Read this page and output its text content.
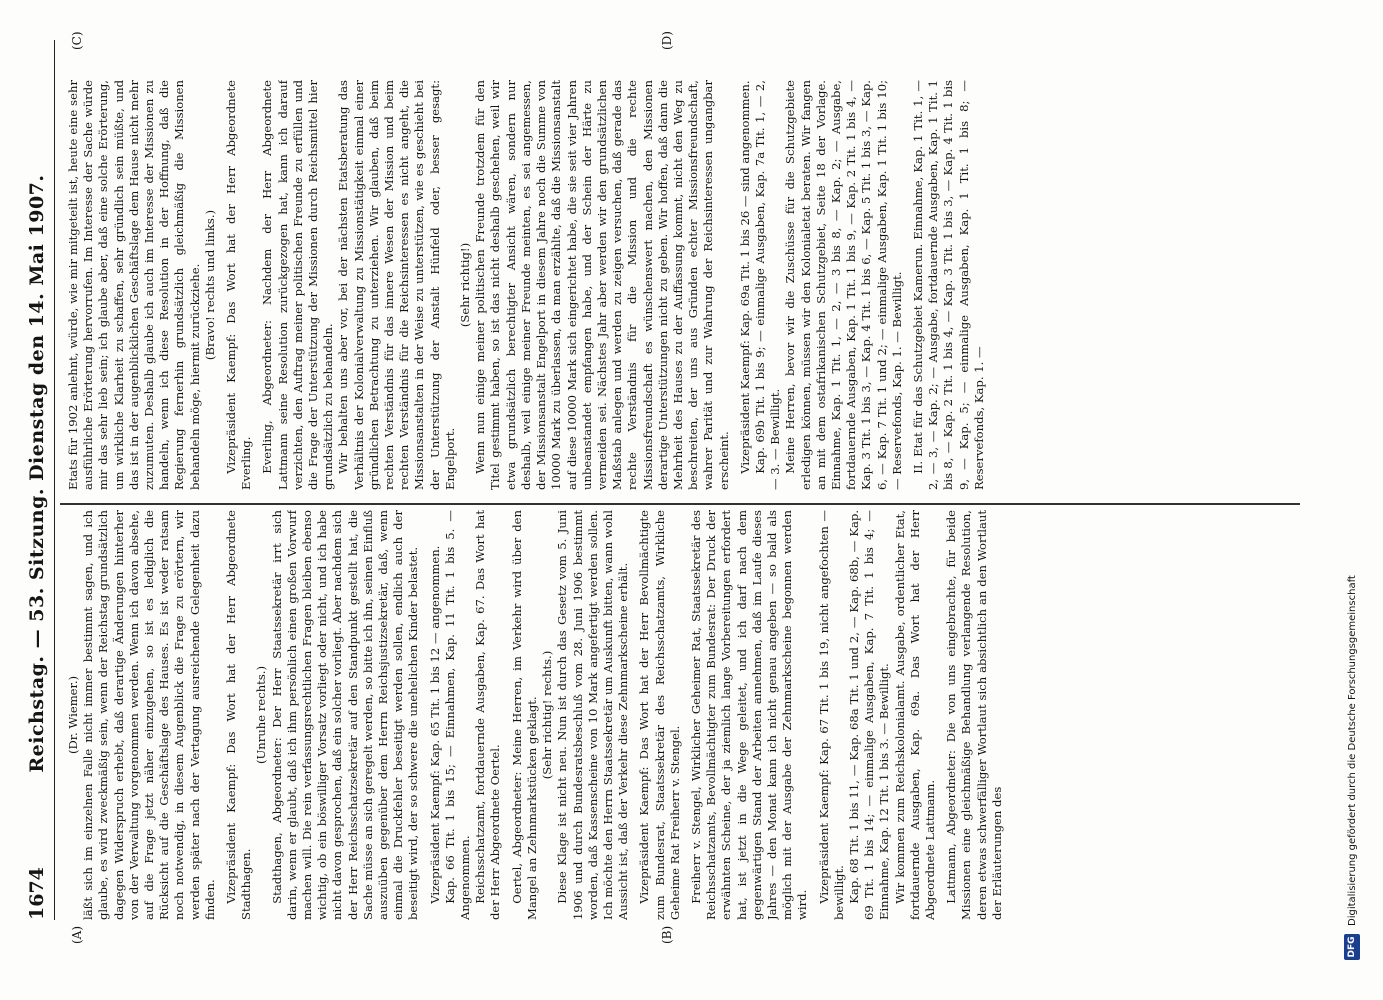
1674
Reichstag. — 53. Sitzung. Dienstag den 14. Mai 1907.
(A)	(B)
(C)	(D)

(Dr. Wiemer.) läßt sich im einzelnen Falle nicht immer bestimmt sagen, und ich glaube, es wird zweckmäßig sein, wenn der Reichstag grundsätzlich dagegen Widerspruch erhebt, daß derartige Änderungen hinterher von der Verwaltung vorgenommen werden. Wenn ich davon absehe, auf die Frage jetzt näher einzugehen, so ist es lediglich die Rücksicht auf die Geschäftslage des Hauses. Es ist weder ratsam noch notwendig, in diesem Augenblick die Frage zu erörtern, wir werden später nach der Vertagung ausreichende Gelegenheit dazu finden. Vizepräsident Kaempf: Das Wort hat der Herr Abgeordnete Stadthagen.

(Unruhe rechts.) Stadthagen, Abgeordneter: Der Herr Staatssekretär irrt sich darin, wenn er glaubt, daß ich ihm persönlich einen großen Vorwurf machen will. Die rein verfassungsrechtlichen Fragen bleiben ebenso wichtig, ob ein böswilliger Vorsatz vorliegt oder nicht, und ich habe nicht davon gesprochen, daß ein solcher vorliegt. Aber nachdem sich der Herr Reichsschatzsekretär auf den Standpunkt gestellt hat, die Sache müsse an sich geregelt werden, so bitte ich ihn, seinen Einfluß auszuüben gegenüber dem Herrn Reichsjustizsekretär, daß, wenn einmal die Druckfehler beseitigt werden sollen, endlich auch der beseitigt wird, der so schwere die unehelichen Kinder belastet. Vizepräsident Kaempf: Kap. 65 Tit. 1 bis 12 — angenommen. Kap. 66 Tit. 1 bis 15; — Einnahmen, Kap. 11 Tit. 1 bis 5. — Angenommen. Reichsschatzamt, fortdauernde Ausgaben, Kap. 67. Das Wort hat der Herr Abgeordnete Oertel. Oertel, Abgeordneter: Meine Herren, im Verkehr wird über den Mangel an Zehnmarkstücken geklagt. (Sehr richtig! rechts.) Diese Klage ist nicht neu. Nun ist durch das Gesetz vom 5. Juni 1906 und durch Bundesratsbeschluß vom 28. Juni 1906 bestimmt worden, daß Kassenscheine von 10 Mark angefertigt werden sollen. Ich möchte den Herrn Staatssekretär um Auskunft bitten, wann wohl Aussicht ist, daß der Verkehr diese Zehnmarkscheine erhält. Vizepräsident Kaempf: Das Wort hat der Herr Bevollmächtigte zum Bundesrat, Staatssekretär des Reichsschatzamts, Wirkliche Geheime Rat Freiherr v. Stengel. Freiherr v. Stengel, Wirklicher Geheimer Rat, Staatssekretär des Reichsschatzamts, Bevollmächtigter zum Bundesrat: Der Druck der erwähnten Scheine, der ja ziemlich lange Vorbereitungen erfordert hat, ist jetzt in die Wege geleitet, und ich darf nach dem gegenwärtigen Stand der Arbeiten annehmen, daß im Laufe dieses Jahres — den Monat kann ich nicht genau angeben — so bald als möglich mit der Ausgabe der Zehnmarkscheine begonnen werden wird.

Vizepräsident Kaempf: Kap. 67 Tit. 1 bis 19, nicht angefochten — bewilligt. Kap. 68 Tit. 1 bis 11, — Kap. 68a Tit. 1 und 2, — Kap. 68b, — Kap. 69 Tit. 1 bis 14; — einmalige Ausgaben, Kap. 7 Tit. 1 bis 4; — Einnahme, Kap. 12 Tit. 1 bis 3. — Bewilligt. Wir kommen zum Reichskolonialamt. Ausgabe, ordentlicher Etat, fortdauernde Ausgaben, Kap. 69a. Das Wort hat der Herr Abgeordnete Lattmann. Lattmann, Abgeordneter: Die von uns eingebrachte, für beide Missionen eine gleichmäßige Behandlung verlangende Resolution, deren etwas schwerfälliger Wortlaut sich absichtlich an den Wortlaut der Erläuterungen des

Etats für 1902 anlehnt, würde, wie mir mitgeteilt ist, heute eine sehr ausführliche Erörterung hervorrufen. Im Interesse der Sache würde mir das sehr lieb sein; ich glaube aber, daß eine solche Erörterung, um wirkliche Klarheit zu schaffen, sehr gründlich sein müßte, und das ist in der augenblicklichen Geschäftslage dem Hause nicht mehr zuzumuten. Deshalb glaube ich auch im Interesse der Missionen zu handeln, wenn ich diese Resolution in der Hoffnung, daß die Regierung fernerhin grundsätzlich gleichmäßig die Missionen behandeln möge, hiermit zurückziehe. (Bravo! rechts und links.) Vizepräsident Kaempf: Das Wort hat der Herr Abgeordnete Everling. Everling, Abgeordneter: Nachdem der Herr Abgeordnete Lattmann seine Resolution zurückgezogen hat, kann ich darauf verzichten, den Auftrag meiner politischen Freunde zu erfüllen und die Frage der Unterstützung der Missionen durch Reichsmittel hier grundsätzlich zu behandeln. Wir behalten uns aber vor, bei der nächsten Etatsberatung das Verhältnis der Kolonialverwaltung zu Missionstätigkeit einmal einer gründlichen Betrachtung zu unterziehen. Wir glauben, daß beim rechten Verständnis für das innere Wesen der Mission und beim rechten Verständnis für die Reichsinteressen es nicht angeht, die Missionsanstalten in der Weise zu unterstützen, wie es geschieht bei der Unterstützung der Anstalt Hünfeld oder, besser gesagt: Engelport.

(Sehr richtig!) Wenn nun einige meiner politischen Freunde trotzdem für den Titel gestimmt haben, so ist das nicht deshalb geschehen, weil wir etwa grundsätzlich berechtigter Ansicht wären, sondern nur deshalb, weil einige meiner Freunde meinten, es sei angemessen, der Missionsanstalt Engelport in diesem Jahre noch die Summe von 10000 Mark zu überlassen, da man erzählte, daß die Missionsanstalt auf diese 10000 Mark sich eingerichtet habe, die sie seit vier Jahren unbeanstandet empfangen habe, und der Schein der Härte zu vermeiden sei. Nächstes Jahr aber werden wir den grundsätzlichen Maßstab anlegen und werden zu zeigen versuchen, daß gerade das rechte Verständnis für die Mission und die rechte Missionsfreundschaft es wünschenswert machen, den Missionen derartige Unterstützungen nicht zu geben. Wir hoffen, daß dann die Mehrheit des Hauses zu der Auffassung kommt, nicht den Weg zu beschreiten, der uns aus Gründen echter Missionsfreundschaft, wahrer Parität und zur Wahrung der Reichsinteressen ungangbar erscheint. Vizepräsident Kaempf: Kap. 69a Tit. 1 bis 26 — sind angenommen. Kap. 69b Tit. 1 bis 9; — einmalige Ausgaben, Kap. 7a Tit. 1, — 2, — 3. — Bewilligt. Meine Herren, bevor wir die Zuschüsse für die Schutzgebiete erledigen können, müssen wir den Kolonialetat beraten. Wir fangen an mit dem ostafrikanischen Schutzgebiet, Seite 18 der Vorlage. Einnahme, Kap. 1 Tit. 1, — 2, — 3 bis 8, — Kap. 2; — Ausgabe, fortdauernde Ausgaben, Kap. 1 Tit. 1 bis 9, — Kap. 2 Tit. 1 bis 4, — Kap. 3 Tit. 1 bis 3, — Kap. 4 Tit. 1 bis 6, — Kap. 5 Tit. 1 bis 3, — Kap. 6, — Kap. 7 Tit. 1 und 2; — einmalige Ausgaben, Kap. 1 Tit. 1 bis 10; — Reservefonds, Kap. 1. — Bewilligt. II. Etat für das Schutzgebiet Kamerun. Einnahme, Kap. 1 Tit. 1, — 2, — 3, — Kap. 2; — Ausgabe, fortdauernde Ausgaben, Kap. 1 Tit. 1 bis 8, — Kap. 2 Tit. 1 bis 4, — Kap. 3 Tit. 1 bis 3, — Kap. 4 Tit. 1 bis 9, — Kap. 5; — einmalige Ausgaben, Kap. 1 Tit. 1 bis 8; — Reservefonds, Kap. 1. —

DFG
Digitalisierung gefördert durch die Deutsche Forschungsgemeinschaft
